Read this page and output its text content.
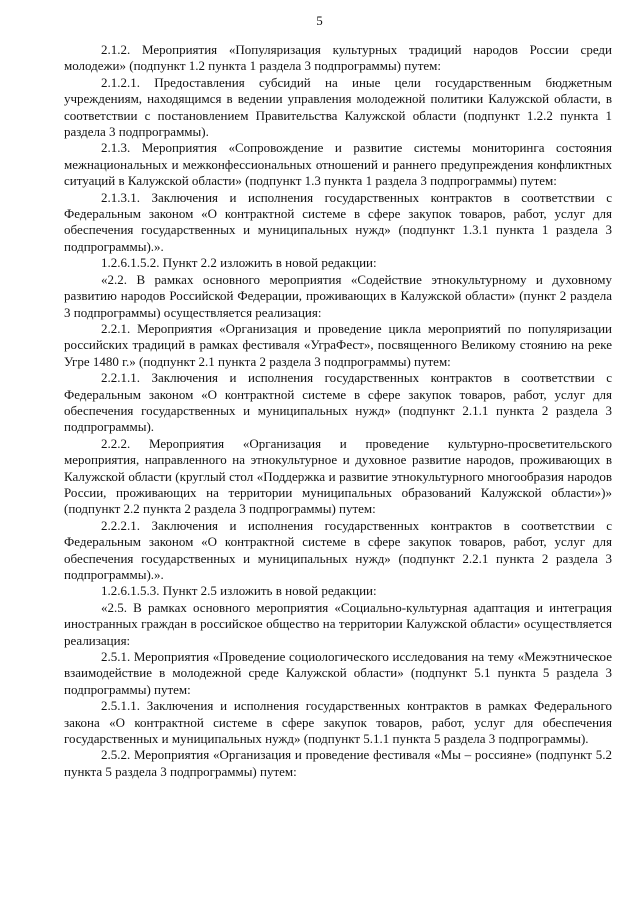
5

2.1.2. Мероприятия «Популяризация культурных традиций народов России среди молодежи» (подпункт 1.2 пункта 1 раздела 3 подпрограммы) путем:

2.1.2.1. Предоставления субсидий на иные цели государственным бюджетным учреждениям, находящимся в ведении управления молодежной политики Калужской области, в соответствии с постановлением Правительства Калужской области (подпункт 1.2.2 пункта 1 раздела 3 подпрограммы).

2.1.3. Мероприятия «Сопровождение и развитие системы мониторинга состояния межнациональных и межконфессиональных отношений и раннего предупреждения конфликтных ситуаций в Калужской области» (подпункт 1.3 пункта 1 раздела 3 подпрограммы) путем:

2.1.3.1. Заключения и исполнения государственных контрактов в соответствии с Федеральным законом «О контрактной системе в сфере закупок товаров, работ, услуг для обеспечения государственных и муниципальных нужд» (подпункт 1.3.1 пункта 1 раздела 3 подпрограммы).».

1.2.6.1.5.2. Пункт 2.2 изложить в новой редакции:

«2.2. В рамках основного мероприятия «Содействие этнокультурному и духовному развитию народов Российской Федерации, проживающих в Калужской области» (пункт 2 раздела 3 подпрограммы) осуществляется реализация:

2.2.1. Мероприятия «Организация и проведение цикла мероприятий по популяризации российских традиций в рамках фестиваля «УграФест», посвященного Великому стоянию на реке Угре 1480 г.» (подпункт 2.1 пункта 2 раздела 3 подпрограммы) путем:

2.2.1.1. Заключения и исполнения государственных контрактов в соответствии с Федеральным законом «О контрактной системе в сфере закупок товаров, работ, услуг для обеспечения государственных и муниципальных нужд» (подпункт 2.1.1 пункта 2 раздела 3 подпрограммы).

2.2.2. Мероприятия «Организация и проведение культурно-просветительского мероприятия, направленного на этнокультурное и духовное развитие народов, проживающих в Калужской области (круглый стол «Поддержка и развитие этнокультурного многообразия народов России, проживающих на территории муниципальных образований Калужской области»)» (подпункт 2.2 пункта 2 раздела 3 подпрограммы) путем:

2.2.2.1. Заключения и исполнения государственных контрактов в соответствии с Федеральным законом «О контрактной системе в сфере закупок товаров, работ, услуг для обеспечения государственных и муниципальных нужд» (подпункт 2.2.1 пункта 2 раздела 3 подпрограммы).».

1.2.6.1.5.3. Пункт 2.5 изложить в новой редакции:

«2.5. В рамках основного мероприятия «Социально-культурная адаптация и интеграция иностранных граждан в российское общество на территории Калужской области» осуществляется реализация:

2.5.1. Мероприятия «Проведение социологического исследования на тему «Межэтническое взаимодействие в молодежной среде Калужской области» (подпункт 5.1 пункта 5 раздела 3 подпрограммы) путем:

2.5.1.1. Заключения и исполнения государственных контрактов в рамках Федерального закона «О контрактной системе в сфере закупок товаров, работ, услуг для обеспечения государственных и муниципальных нужд» (подпункт 5.1.1 пункта 5 раздела 3 подпрограммы).

2.5.2. Мероприятия «Организация и проведение фестиваля «Мы – россияне» (подпункт 5.2 пункта 5 раздела 3 подпрограммы) путем:
